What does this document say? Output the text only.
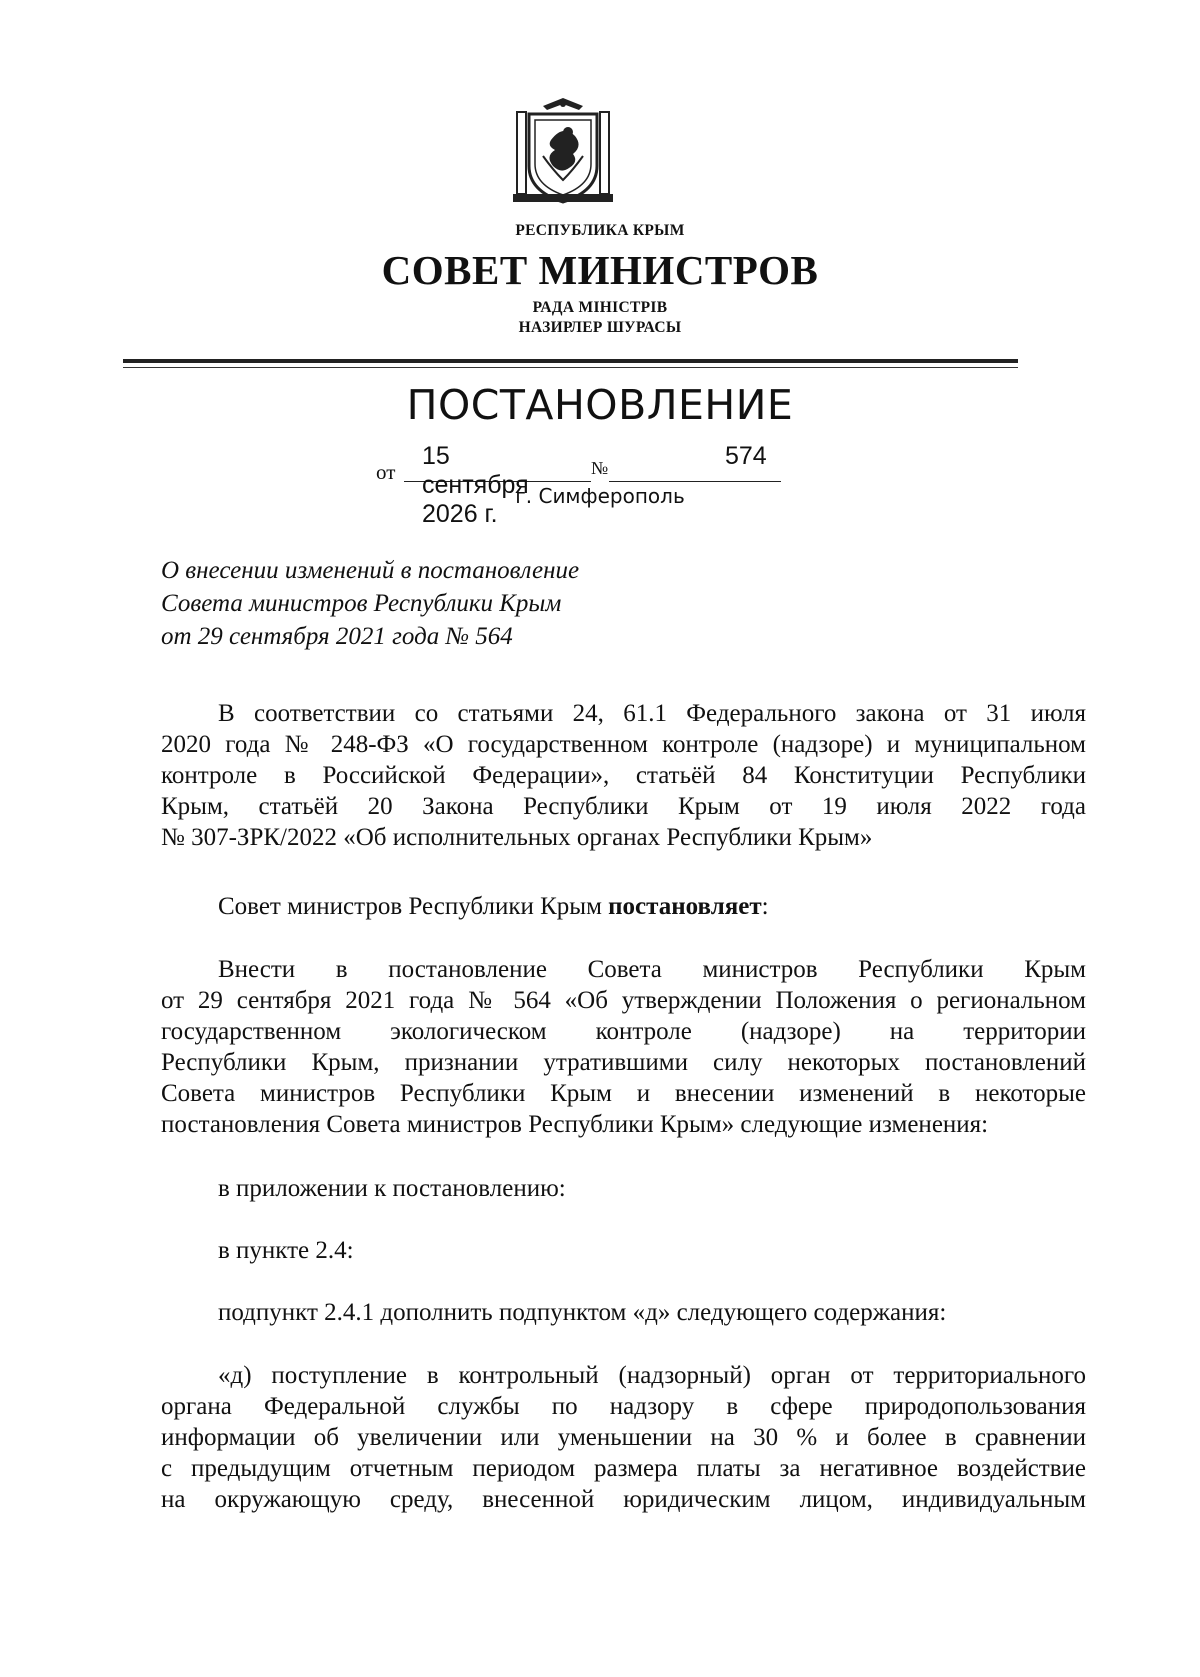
РЕСПУБЛИКА КРЫМ
СОВЕТ МИНИСТРОВ
РАДА МІНІСТРІВ
НАЗИРЛЕР ШУРАСЫ
ПОСТАНОВЛЕНИЕ
от	№
15 сентября 2026 г.
574
г. Симферополь
О внесении изменений в постановление
Совета министров Республики Крым
от 29 сентября 2021 года № 564
В соответствии со статьями 24, 61.1 Федерального закона от 31 июля
2020 года № 248-ФЗ «О государственном контроле (надзоре) и муниципальном
контроле в Российской Федерации», статьёй 84 Конституции Республики
Крым, статьёй 20 Закона Республики Крым от 19 июля 2022 года
№ 307-ЗРК/2022 «Об исполнительных органах Республики Крым»
Совет министров Республики Крым постановляет:
Внести в постановление Совета министров Республики Крым
от 29 сентября 2021 года № 564 «Об утверждении Положения о региональном
государственном экологическом контроле (надзоре) на территории
Республики Крым, признании утратившими силу некоторых постановлений
Совета министров Республики Крым и внесении изменений в некоторые
постановления Совета министров Республики Крым» следующие изменения:
в приложении к постановлению:
в пункте 2.4:
подпункт 2.4.1 дополнить подпунктом «д» следующего содержания:
«д) поступление в контрольный (надзорный) орган от территориального
органа Федеральной службы по надзору в сфере природопользования
информации об увеличении или уменьшении на 30 % и более в сравнении
с предыдущим отчетным периодом размера платы за негативное воздействие
на окружающую среду, внесенной юридическим лицом, индивидуальным
